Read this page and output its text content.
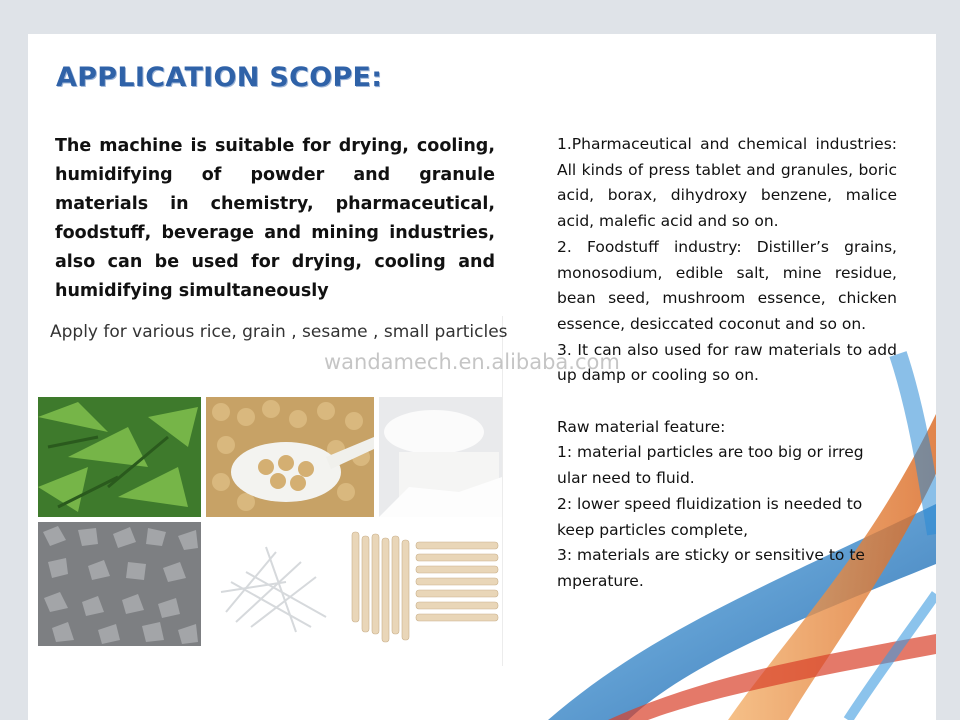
APPLICATION SCOPE:
The machine is suitable for drying, cooling, humidifying of powder and granule materials in chemistry, pharmaceutical, foodstuff, beverage and mining industries, also can be used for drying, cooling and humidifying simultaneously
Apply for various rice, grain , sesame , small particles

1.Pharmaceutical and chemical industries: All kinds of press tablet and granules, boric acid, borax, dihydroxy benzene, malice acid, malefic acid and so on.

2. Foodstuff industry: Distiller’s grains, monosodium, edible salt, mine residue, bean seed, mushroom essence, chicken essence, desiccated coconut and so on.

3. It can also used for raw materials to add up damp or cooling so on.

Raw material feature:

1: material particles are too big or irreg ular need to fluid.

2: lower speed fluidization is needed to keep particles complete,

3: materials are sticky or sensitive to te mperature.

wandamech.en.alibaba.com
